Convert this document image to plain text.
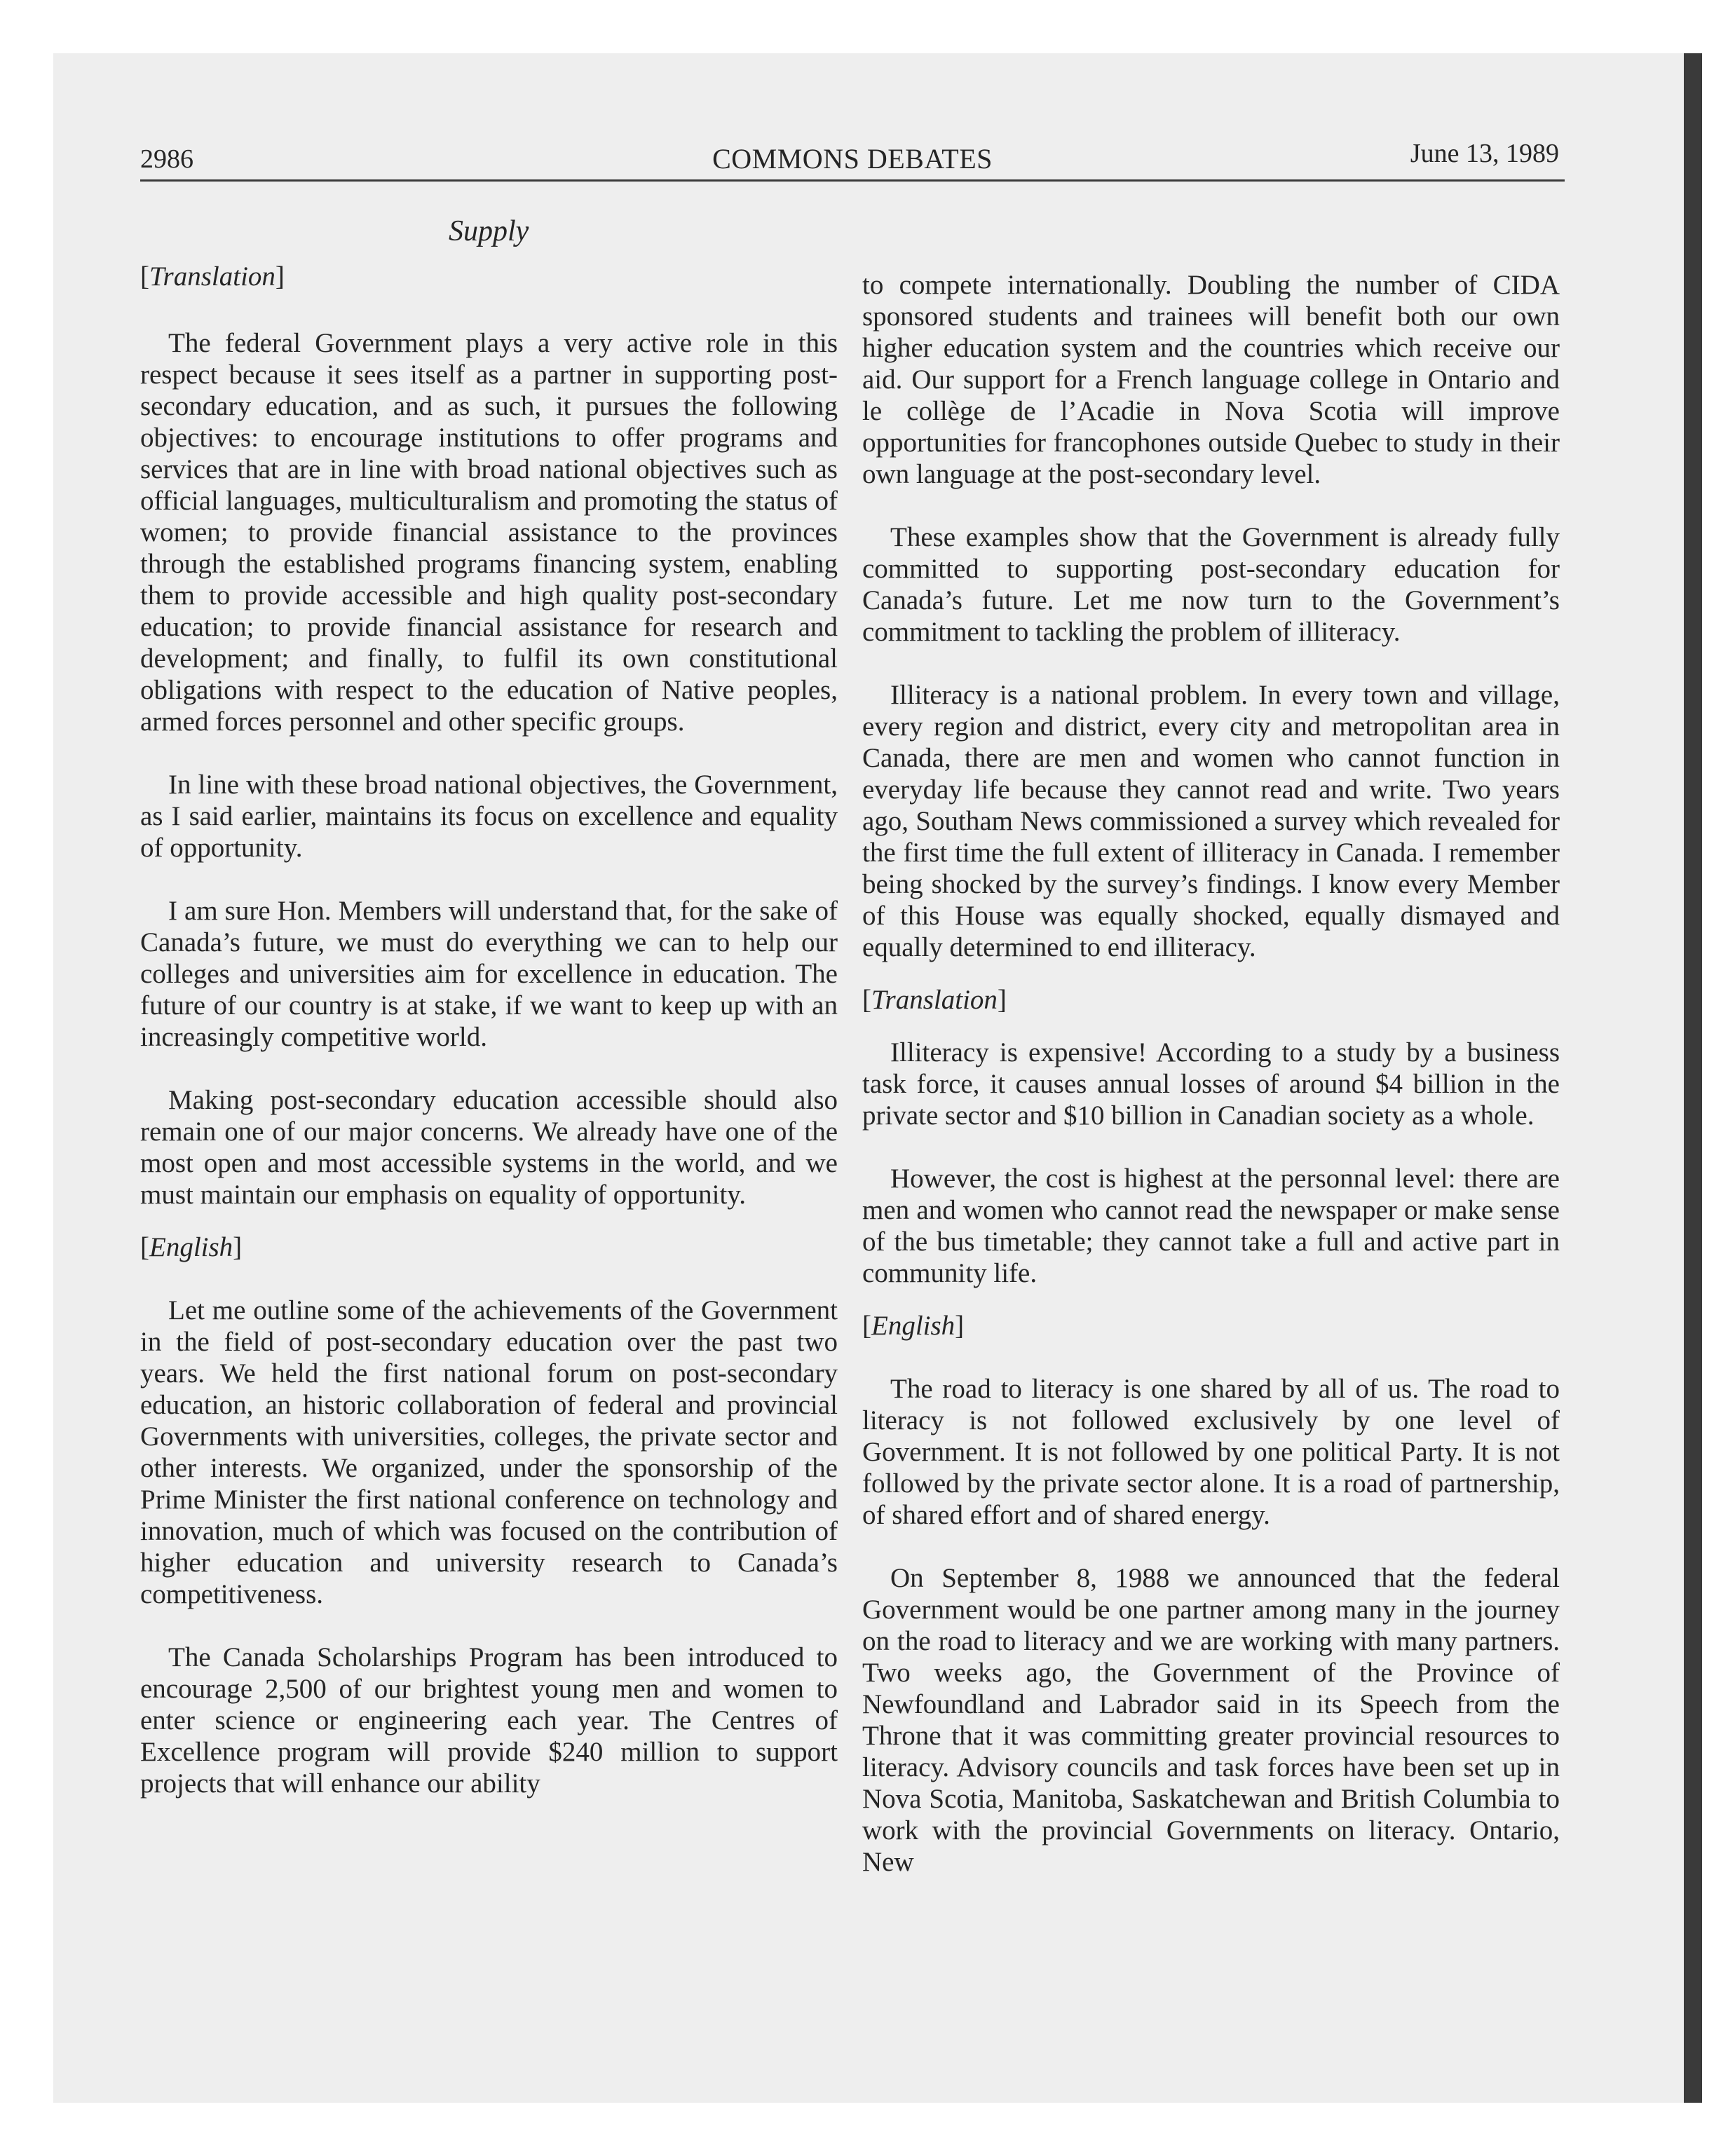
2986	COMMONS DEBATES	June 13, 1989
Supply

[Translation]

The federal Government plays a very active role in this respect because it sees itself as a partner in supporting post-secondary education, and as such, it pursues the following objectives: to encourage institutions to offer programs and services that are in line with broad national objectives such as official languages, multiculturalism and promoting the status of women; to provide financial assistance to the provinces through the established programs financing system, enabling them to provide accessible and high quality post-secondary education; to provide financial assistance for research and development; and finally, to fulfil its own constitutional obligations with respect to the education of Native peoples, armed forces personnel and other specific groups.

In line with these broad national objectives, the Government, as I said earlier, maintains its focus on excellence and equality of opportunity.

I am sure Hon. Members will understand that, for the sake of Canada’s future, we must do everything we can to help our colleges and universities aim for excellence in education. The future of our country is at stake, if we want to keep up with an increasingly competitive world.

Making post-secondary education accessible should also remain one of our major concerns. We already have one of the most open and most accessible systems in the world, and we must maintain our emphasis on equality of opportunity.

[English]

Let me outline some of the achievements of the Government in the field of post-secondary education over the past two years. We held the first national forum on post-secondary education, an historic collaboration of federal and provincial Governments with universities, colleges, the private sector and other interests. We organized, under the sponsorship of the Prime Minister the first national conference on technology and innovation, much of which was focused on the contribution of higher education and university research to Canada’s competitiveness.

The Canada Scholarships Program has been introduced to encourage 2,500 of our brightest young men and women to enter science or engineering each year. The Centres of Excellence program will provide $240 million to support projects that will enhance our ability

to compete internationally. Doubling the number of CIDA sponsored students and trainees will benefit both our own higher education system and the countries which receive our aid. Our support for a French language college in Ontario and le collège de l’Acadie in Nova Scotia will improve opportunities for francophones outside Quebec to study in their own language at the post-secondary level.

These examples show that the Government is already fully committed to supporting post-secondary education for Canada’s future. Let me now turn to the Government’s commitment to tackling the problem of illiteracy.

Illiteracy is a national problem. In every town and village, every region and district, every city and metropolitan area in Canada, there are men and women who cannot function in everyday life because they cannot read and write. Two years ago, Southam News commissioned a survey which revealed for the first time the full extent of illiteracy in Canada. I remember being shocked by the survey’s findings. I know every Member of this House was equally shocked, equally dismayed and equally determined to end illiteracy.

[Translation]

Illiteracy is expensive! According to a study by a business task force, it causes annual losses of around $4 billion in the private sector and $10 billion in Canadian society as a whole.

However, the cost is highest at the personnal level: there are men and women who cannot read the newspaper or make sense of the bus timetable; they cannot take a full and active part in community life.

[English]

The road to literacy is one shared by all of us. The road to literacy is not followed exclusively by one level of Government. It is not followed by one political Party. It is not followed by the private sector alone. It is a road of partnership, of shared effort and of shared energy.

On September 8, 1988 we announced that the federal Government would be one partner among many in the journey on the road to literacy and we are working with many partners. Two weeks ago, the Government of the Province of Newfoundland and Labrador said in its Speech from the Throne that it was committing greater provincial resources to literacy. Advisory councils and task forces have been set up in Nova Scotia, Manitoba, Saskatchewan and British Columbia to work with the provincial Governments on literacy. Ontario, New
